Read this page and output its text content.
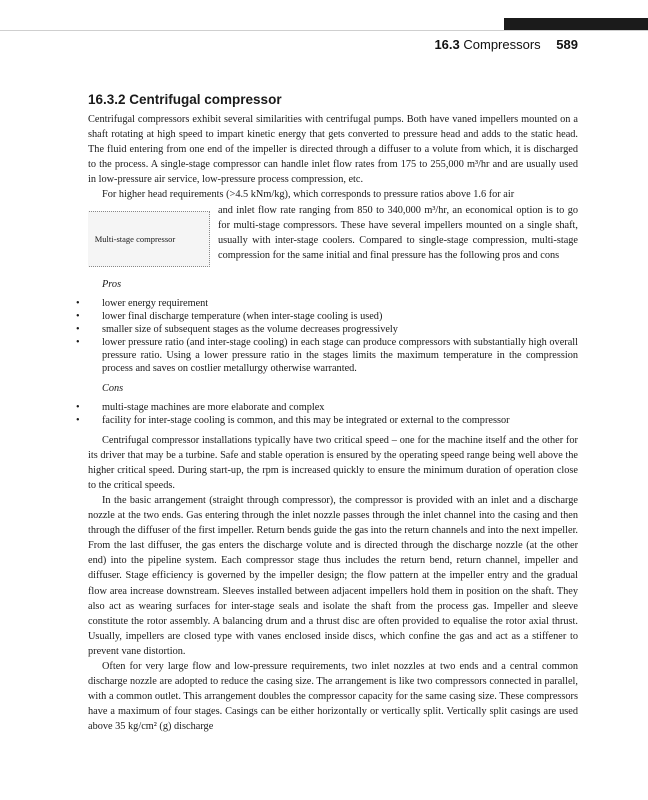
16.3 Compressors 589
16.3.2 Centrifugal compressor

Centrifugal compressors exhibit several similarities with centrifugal pumps. Both have vaned impellers mounted on a shaft rotating at high speed to impart kinetic energy that gets converted to pressure head and adds to the static head. The fluid entering from one end of the impeller is directed through a diffuser to a volute from which, it is discharged to the process. A single-stage compressor can handle inlet flow rates from 175 to 255,000 m³/hr and are usually used in low-pressure air service, low-pressure process compression, etc.

For higher head requirements (>4.5 kNm/kg), which corresponds to pressure ratios above 1.6 for air

Multi-stage compressor

and inlet flow rate ranging from 850 to 340,000 m³/hr, an economical option is to go for multi-stage compressors. These have several impellers mounted on a single shaft, usually with inter-stage coolers. Compared to single-stage compression, multi-stage compression for the same initial and final pressure has the following pros and cons

Pros
• lower energy requirement
• lower final discharge temperature (when inter-stage cooling is used)
• smaller size of subsequent stages as the volume decreases progressively
• lower pressure ratio (and inter-stage cooling) in each stage can produce compressors with substantially high overall pressure ratio. Using a lower pressure ratio in the stages limits the maximum temperature in the compression process and saves on costlier metallurgy otherwise warranted.
Cons
• multi-stage machines are more elaborate and complex
• facility for inter-stage cooling is common, and this may be integrated or external to the compressor

Centrifugal compressor installations typically have two critical speed – one for the machine itself and the other for its driver that may be a turbine. Safe and stable operation is ensured by the operating speed range being well above the higher critical speed. During start-up, the rpm is increased quickly to ensure the minimum duration of operation close to the critical speeds.

In the basic arrangement (straight through compressor), the compressor is provided with an inlet and a discharge nozzle at the two ends. Gas entering through the inlet nozzle passes through the inlet channel into the casing and then through the diffuser of the first impeller. Return bends guide the gas into the return channels and into the next impeller. From the last diffuser, the gas enters the discharge volute and is directed through the discharge nozzle (at the other end) into the pipeline system. Each compressor stage thus includes the return bend, return channel, impeller and diffuser. Stage efficiency is governed by the impeller design; the flow pattern at the impeller entry and the gradual flow area increase downstream. Sleeves installed between adjacent impellers hold them in position on the shaft. They also act as wearing surfaces for inter-stage seals and isolate the shaft from the process gas. Impeller and sleeve constitute the rotor assembly. A balancing drum and a thrust disc are often provided to equalise the rotor axial thrust. Usually, impellers are closed type with vanes enclosed inside discs, which confine the gas and act as a stiffener to prevent vane distortion.

Often for very large flow and low-pressure requirements, two inlet nozzles at two ends and a central common discharge nozzle are adopted to reduce the casing size. The arrangement is like two compressors connected in parallel, with a common outlet. This arrangement doubles the compressor capacity for the same casing size. These compressors have a maximum of four stages. Casings can be either horizontally or vertically split. Vertically split casings are used above 35 kg/cm² (g) discharge
